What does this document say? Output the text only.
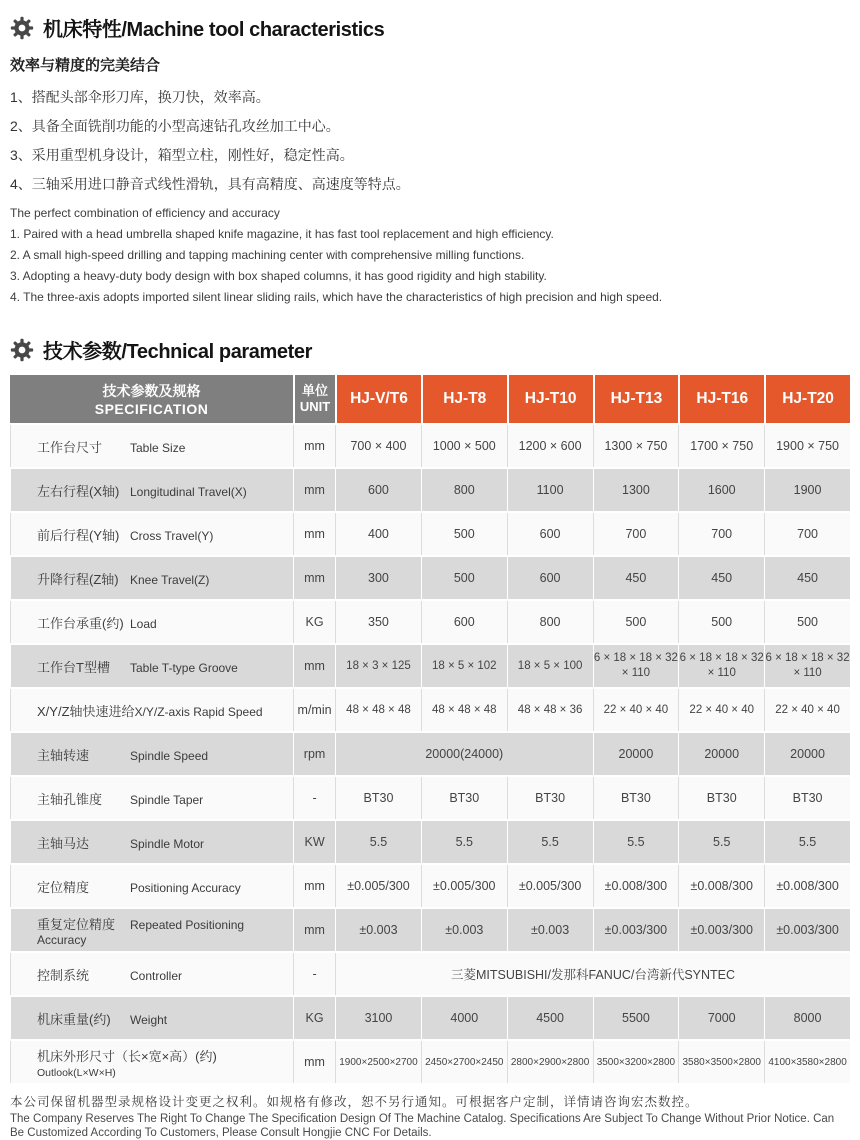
机床特性/Machine tool characteristics
效率与精度的完美结合
1、搭配头部伞形刀库，换刀快，效率高。
2、具备全面铣削功能的小型高速钻孔攻丝加工中心。
3、采用重型机身设计，箱型立柱，刚性好，稳定性高。
4、三轴采用进口静音式线性滑轨，具有高精度、高速度等特点。
The perfect combination of efficiency and accuracy
1. Paired with a head umbrella shaped knife magazine, it has fast tool replacement and high efficiency.
2. A small high-speed drilling and tapping machining center with comprehensive milling functions.
3. Adopting a heavy-duty body design with box shaped columns, it has good rigidity and high stability.
4. The three-axis adopts imported silent linear sliding rails, which have the characteristics of high precision and high speed.
技术参数/Technical parameter
技术参数及规格
SPECIFICATION

单位
UNIT	HJ-V/T6	HJ-T8	HJ-T10	HJ-T13	HJ-T16	HJ-T20
工作台尺寸 Table Size	mm	700 × 400	1000 × 500	1200 × 600	1300 × 750	1700 × 750	1900 × 750
左右行程(X轴) Longitudinal Travel(X)	mm	600	800	1100	1300	1600	1900
前后行程(Y轴) Cross Travel(Y)	mm	400	500	600	700	700	700
升降行程(Z轴) Knee Travel(Z)	mm	300	500	600	450	450	450
工作台承重(约) Load	KG	350	600	800	500	500	500
工作台T型槽 Table T-type Groove	mm	18 × 3 × 125	18 × 5 × 102	18 × 5 × 100	6 × 18 × 18 × 32 × 110	6 × 18 × 18 × 32 × 110	6 × 18 × 18 × 32 × 110
X/Y/Z轴快速进给X/Y/Z-axis Rapid Speed	m/min	48 × 48 × 48	48 × 48 × 48	48 × 48 × 36	22 × 40 × 40	22 × 40 × 40	22 × 40 × 40
主轴转速 Spindle Speed	rpm	20000(24000)			20000	20000	20000
主轴孔锥度 Spindle Taper	-	BT30	BT30	BT30	BT30	BT30	BT30
主轴马达 Spindle Motor	KW	5.5	5.5	5.5	5.5	5.5	5.5
定位精度 Positioning Accuracy	mm	±0.005/300	±0.005/300	±0.005/300	±0.008/300	±0.008/300	±0.008/300
重复定位精度 Repeated Positioning Accuracy	mm	±0.003	±0.003	±0.003	±0.003/300	±0.003/300	±0.003/300
控制系统 Controller	-	三菱MITSUBISHI/发那科FANUC/台湾新代SYNTEC					
机床重量(约) Weight	KG	3100	4000	4500	5500	7000	8000
机床外形尺寸（长×宽×高）(约)Outlook(L×W×H)	mm	1900×2500×2700	2450×2700×2450	2800×2900×2800	3500×3200×2800	3580×3500×2800	4100×3580×2800
本公司保留机器型录规格设计变更之权利。如规格有修改，恕不另行通知。可根据客户定制，详情请咨询宏杰数控。
The Company Reserves The Right To Change The Specification Design Of The Machine Catalog. Specifications Are Subject To Change Without Prior Notice. Can Be Customized According To Customers, Please Consult Hongjie CNC For Details.
